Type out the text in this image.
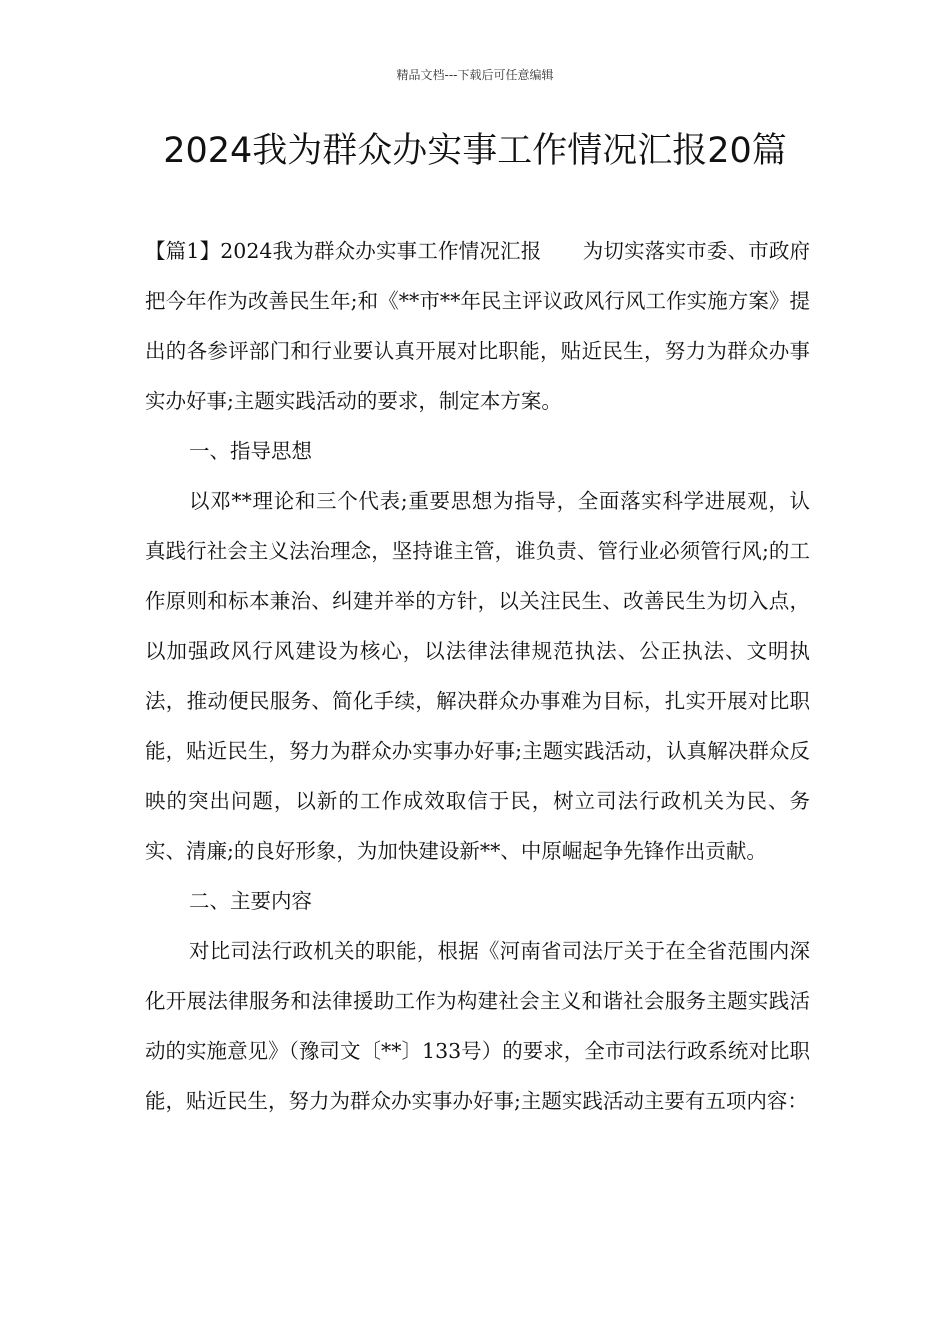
精品文档---下载后可任意编辑
2024我为群众办实事工作情况汇报20篇

【篇1】2024我为群众办实事工作情况汇报　　为切实落实市委、市政府把今年作为改善民生年;和《**市**年民主评议政风行风工作实施方案》提出的各参评部门和行业要认真开展对比职能，贴近民生，努力为群众办事实办好事;主题实践活动的要求，制定本方案。

一、指导思想

以邓**理论和三个代表;重要思想为指导，全面落实科学进展观，认真践行社会主义法治理念，坚持谁主管，谁负责、管行业必须管行风;的工作原则和标本兼治、纠建并举的方针，以关注民生、改善民生为切入点，以加强政风行风建设为核心，以法律法律规范执法、公正执法、文明执法，推动便民服务、简化手续，解决群众办事难为目标，扎实开展对比职能，贴近民生，努力为群众办实事办好事;主题实践活动，认真解决群众反映的突出问题，以新的工作成效取信于民，树立司法行政机关为民、务实、清廉;的良好形象，为加快建设新**、中原崛起争先锋作出贡献。

二、主要内容

对比司法行政机关的职能，根据《河南省司法厅关于在全省范围内深化开展法律服务和法律援助工作为构建社会主义和谐社会服务主题实践活动的实施意见》（豫司文〔**〕133号）的要求，全市司法行政系统对比职能，贴近民生，努力为群众办实事办好事;主题实践活动主要有五项内容：
